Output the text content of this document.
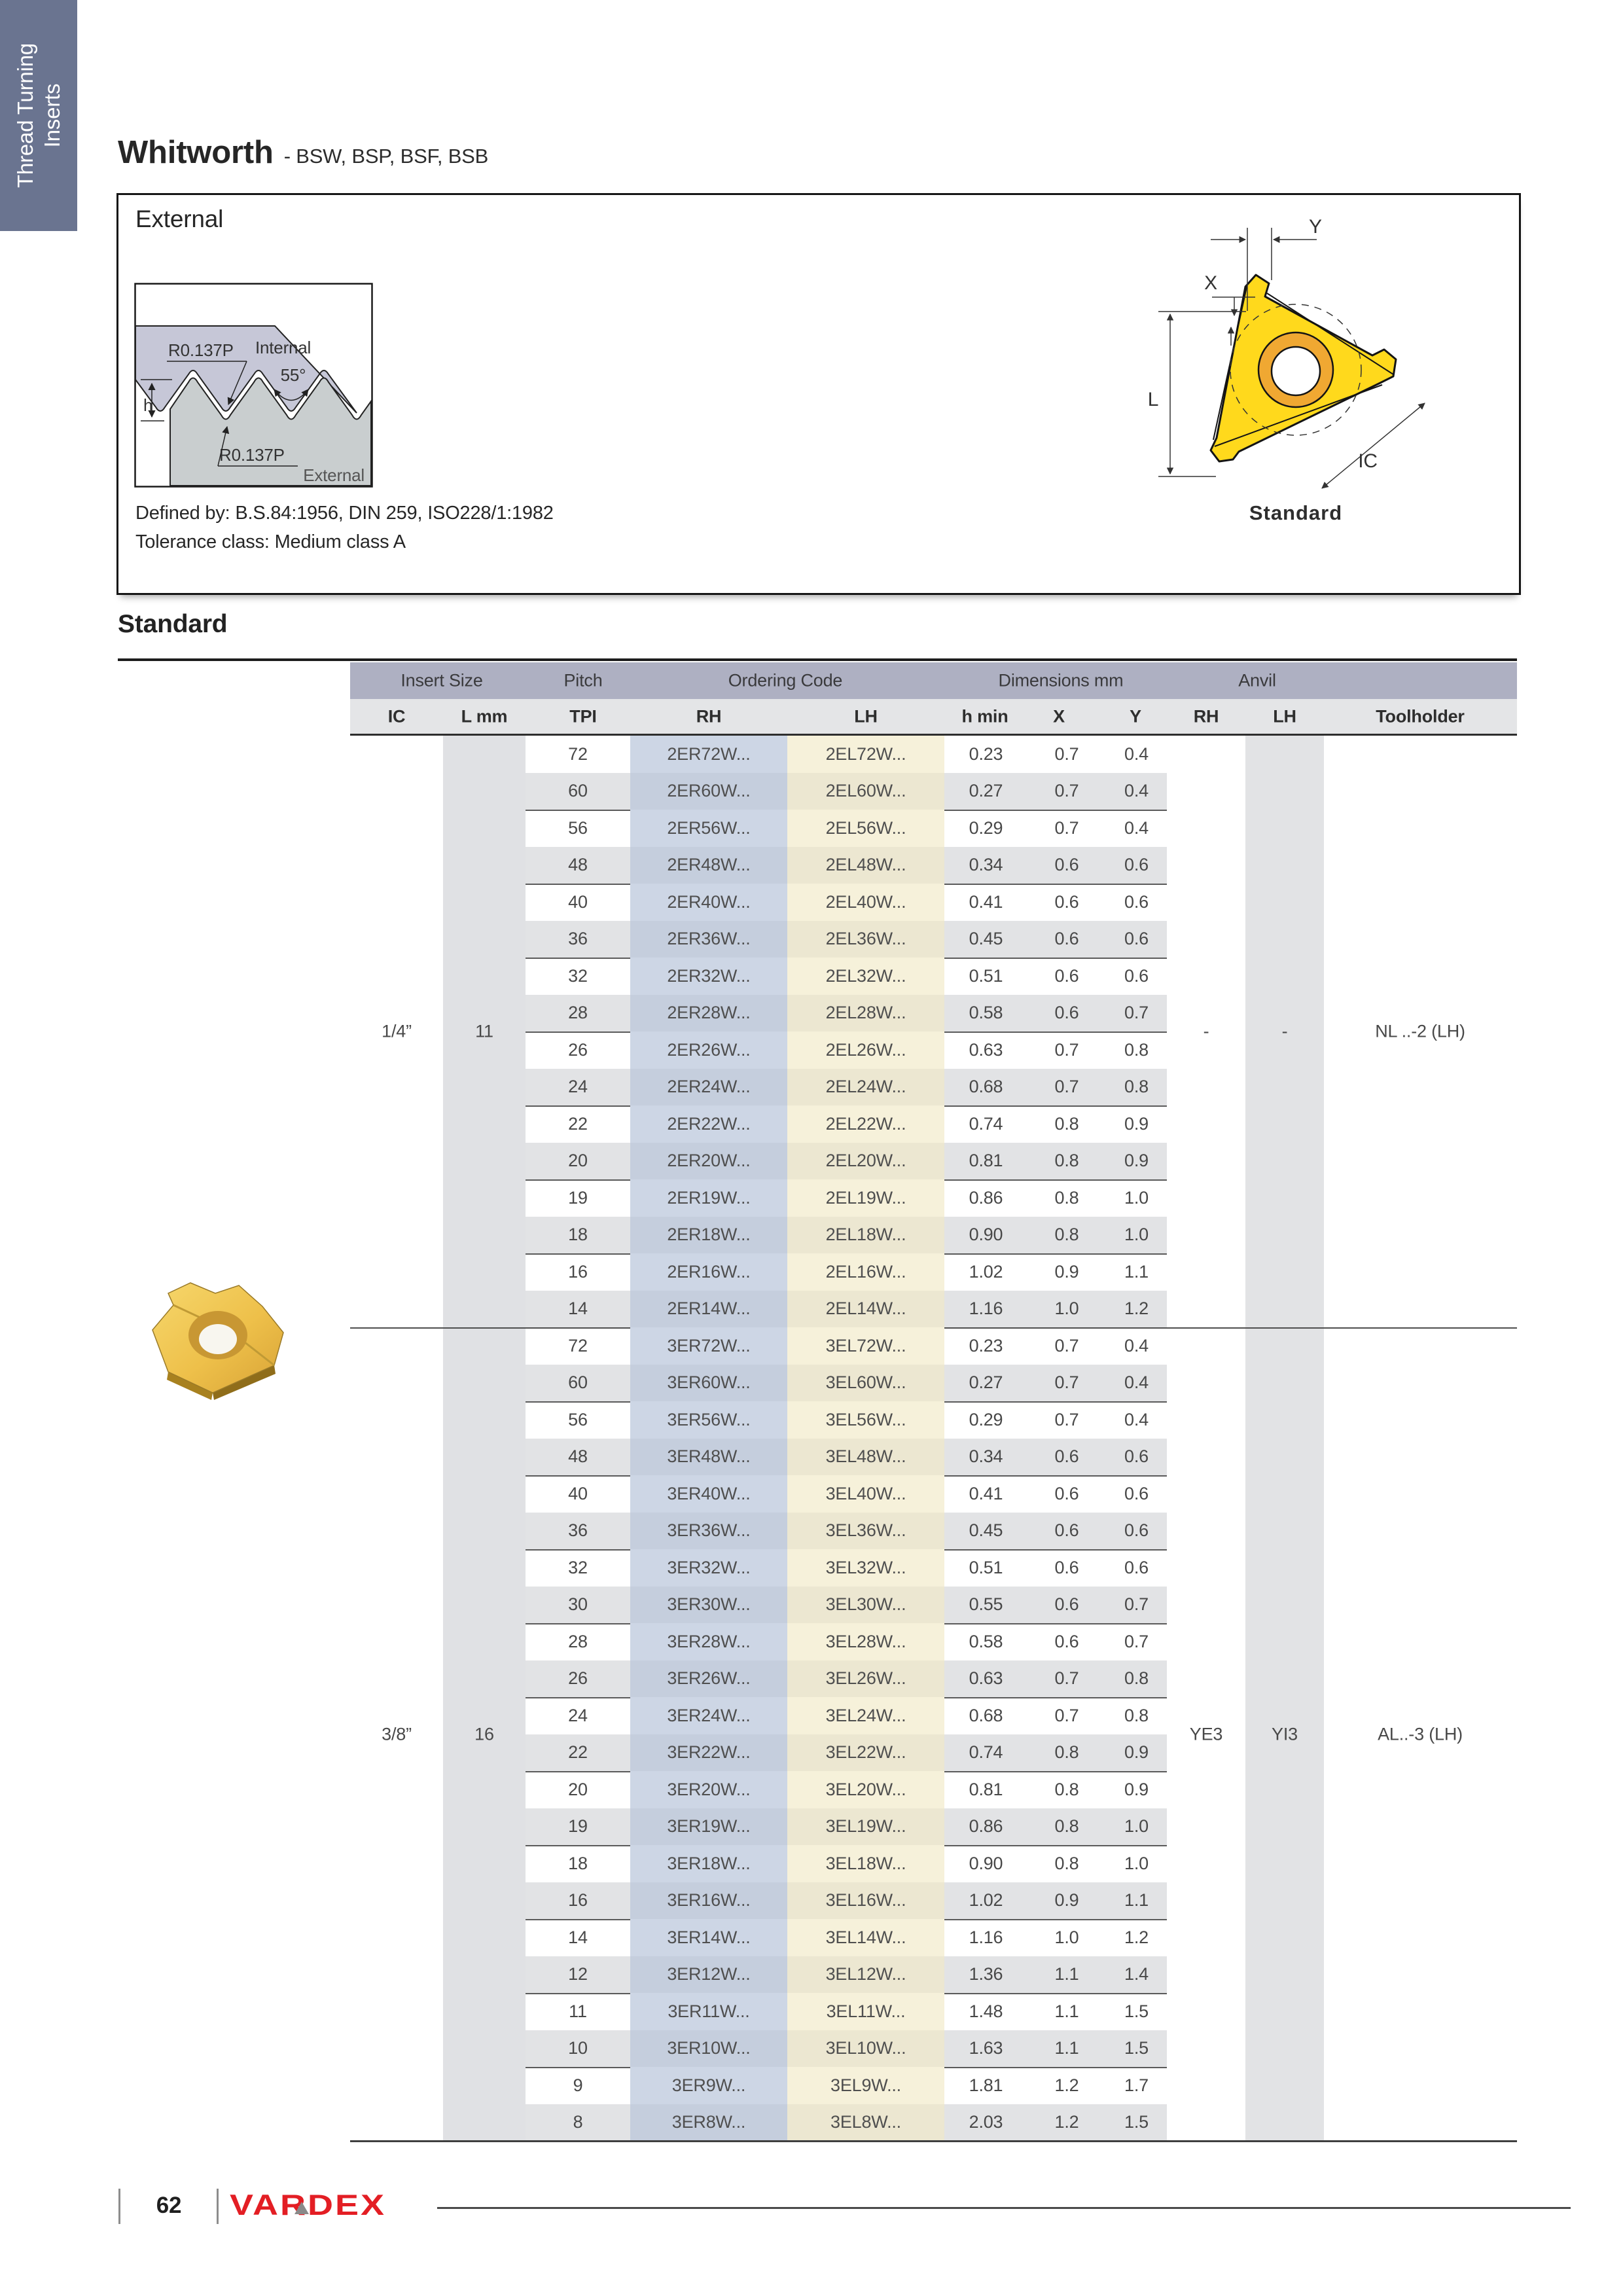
Thread Turning Inserts
Whitworth - BSW, BSP, BSF, BSB
External
Defined by: B.S.84:1956, DIN 259, ISO228/1:1982
Tolerance class: Medium class A
h
R0.137P Internal
55°
R0.137P
External
Y
X
L
IC
Standard
Standard
Insert Size	Pitch	Ordering Code	Dimensions mm	Anvil
IC	L mm	TPI	RH	LH	h min	X	Y	RH	LH	Toolholder
72	2ER72W...	2EL72W...	0.23	0.7	0.4
60	2ER60W...	2EL60W...	0.27	0.7	0.4
56	2ER56W...	2EL56W...	0.29	0.7	0.4
48	2ER48W...	2EL48W...	0.34	0.6	0.6
40	2ER40W...	2EL40W...	0.41	0.6	0.6
36	2ER36W...	2EL36W...	0.45	0.6	0.6
32	2ER32W...	2EL32W...	0.51	0.6	0.6
28	2ER28W...	2EL28W...	0.58	0.6	0.7
26	2ER26W...	2EL26W...	0.63	0.7	0.8
24	2ER24W...	2EL24W...	0.68	0.7	0.8
22	2ER22W...	2EL22W...	0.74	0.8	0.9
20	2ER20W...	2EL20W...	0.81	0.8	0.9
19	2ER19W...	2EL19W...	0.86	0.8	1.0
18	2ER18W...	2EL18W...	0.90	0.8	1.0
16	2ER16W...	2EL16W...	1.02	0.9	1.1
14	2ER14W...	2EL14W...	1.16	1.0	1.2
1/4”	11	-	-	NL ..-2 (LH)
72	3ER72W...	3EL72W...	0.23	0.7	0.4
60	3ER60W...	3EL60W...	0.27	0.7	0.4
56	3ER56W...	3EL56W...	0.29	0.7	0.4
48	3ER48W...	3EL48W...	0.34	0.6	0.6
40	3ER40W...	3EL40W...	0.41	0.6	0.6
36	3ER36W...	3EL36W...	0.45	0.6	0.6
32	3ER32W...	3EL32W...	0.51	0.6	0.6
30	3ER30W...	3EL30W...	0.55	0.6	0.7
28	3ER28W...	3EL28W...	0.58	0.6	0.7
26	3ER26W...	3EL26W...	0.63	0.7	0.8
24	3ER24W...	3EL24W...	0.68	0.7	0.8
22	3ER22W...	3EL22W...	0.74	0.8	0.9
20	3ER20W...	3EL20W...	0.81	0.8	0.9
19	3ER19W...	3EL19W...	0.86	0.8	1.0
18	3ER18W...	3EL18W...	0.90	0.8	1.0
16	3ER16W...	3EL16W...	1.02	0.9	1.1
14	3ER14W...	3EL14W...	1.16	1.0	1.2
12	3ER12W...	3EL12W...	1.36	1.1	1.4
11	3ER11W...	3EL11W...	1.48	1.1	1.5
10	3ER10W...	3EL10W...	1.63	1.1	1.5
9	3ER9W...	3EL9W...	1.81	1.2	1.7
8	3ER8W...	3EL8W...	2.03	1.2	1.5
3/8”	16	YE3	YI3	AL..-3 (LH)
62	VARDEX
